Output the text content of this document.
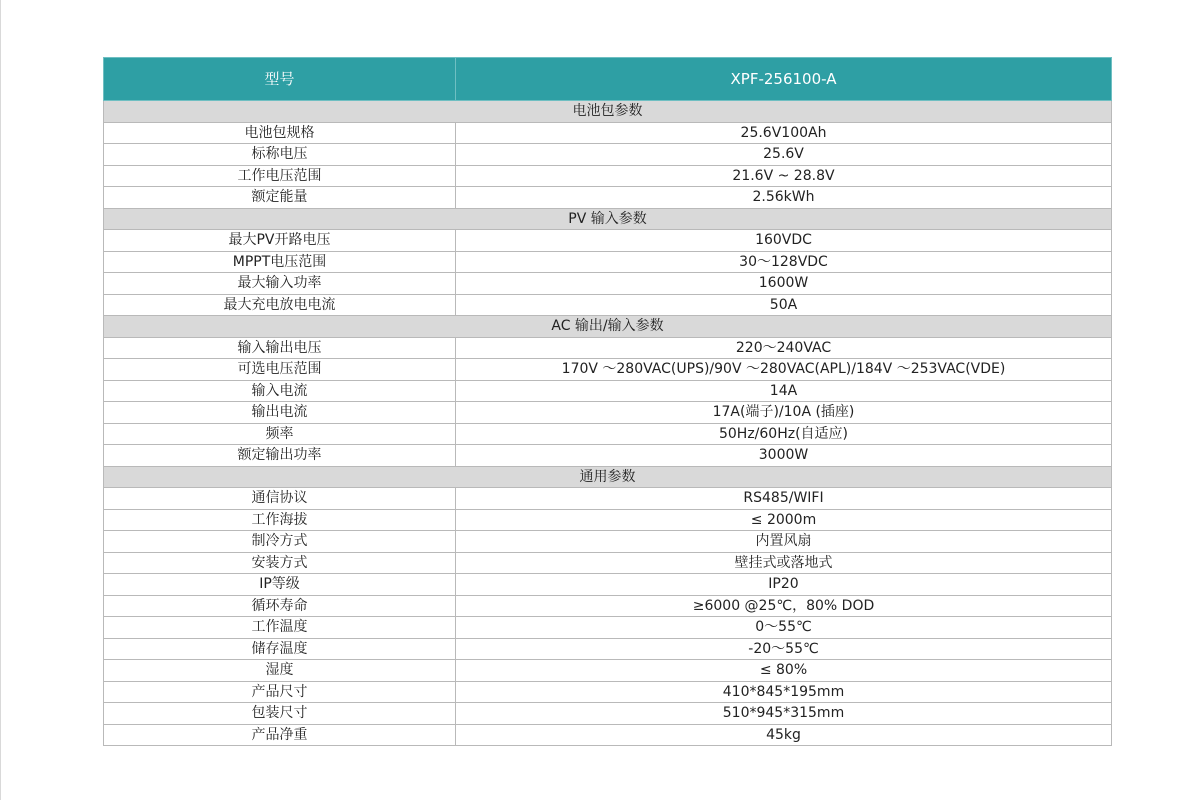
型号	XPF-256100-A
电池包参数	
电池包规格	25.6V100Ah
标称电压	25.6V
工作电压范围	21.6V ~ 28.8V
额定能量	2.56kWh
PV 输入参数	
最大PV开路电压	160VDC
MPPT电压范围	30～128VDC
最大输入功率	1600W
最大充电放电电流	50A
AC 输出/输入参数	
输入输出电压	220～240VAC
可选电压范围	170V ～280VAC(UPS)/90V ～280VAC(APL)/184V ～253VAC(VDE)
输入电流	14A
输出电流	17A(端子)/10A (插座)
频率	50Hz/60Hz(自适应)
额定输出功率	3000W
通用参数	
通信协议	RS485/WIFI
工作海拔	≤ 2000m
制冷方式	内置风扇
安装方式	壁挂式或落地式
IP等级	IP20
循环寿命	≥6000 @25℃，80% DOD
工作温度	0～55℃
储存温度	-20～55℃
湿度	≤ 80%
产品尺寸	410*845*195mm
包装尺寸	510*945*315mm
产品净重	45kg
